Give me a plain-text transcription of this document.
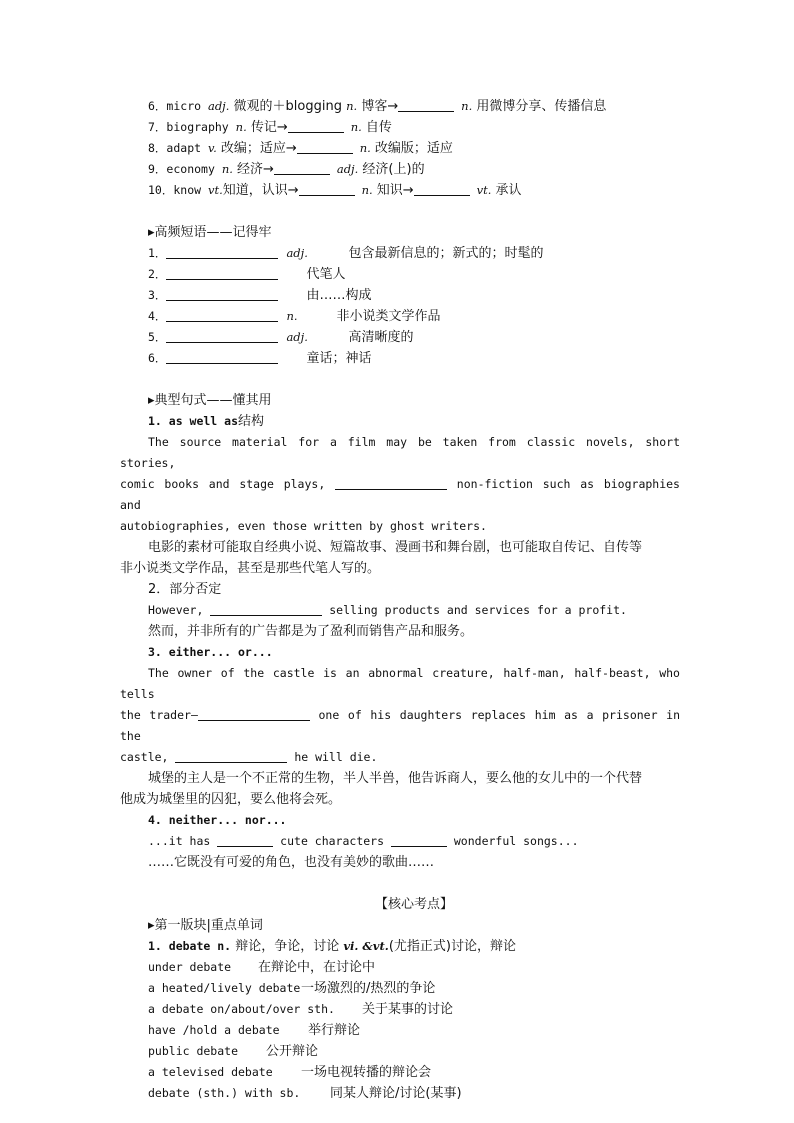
6．micro adj. 微观的＋blogging n. 博客→	n. 用微博分享、传播信息
7．biography n. 传记→	n. 自传
8．adapt v. 改编；适应→	n. 改编版；适应
9．economy n. 经济→	adj. 经济(上)的
10．know vt.知道，认识→	n. 知识→	vt. 承认
▸高频短语——记得牢
1．	adj.	包含最新信息的；新式的；时髦的
2．	代笔人
3．	由……构成
4．	n.	非小说类文学作品
5．	adj.	高清晰度的
6．	童话；神话
▸典型句式——懂其用
1. as well as结构
The source material for a film may be taken from classic novels, short stories,
comic books and stage plays,	non-fiction such as biographies and
autobiographies, even those written by ghost writers.
电影的素材可能取自经典小说、短篇故事、漫画书和舞台剧，也可能取自传记、自传等
非小说类文学作品，甚至是那些代笔人写的。
2．部分否定
However,	selling products and services for a profit.
然而，并非所有的广告都是为了盈利而销售产品和服务。
3. either... or...
The owner of the castle is an abnormal creature, half-man, half-beast, who tells
the trader—	one of his daughters replaces him as a prisoner in the
castle,	he will die.
城堡的主人是一个不正常的生物，半人半兽，他告诉商人，要么他的女儿中的一个代替
他成为城堡里的囚犯，要么他将会死。
4. neither... nor...
...it has	cute characters	wonderful songs...
……它既没有可爱的角色，也没有美妙的歌曲……
【核心考点】
▸第一版块|重点单词
1. debate n. 辩论，争论，讨论 vi. &vt.(尤指正式)讨论，辩论
under debate 在辩论中，在讨论中
a heated/lively debate一场激烈的/热烈的争论
a debate on/about/over sth. 关于某事的讨论
have /hold a debate 举行辩论
public debate 公开辩论
a televised debate 一场电视转播的辩论会
debate (sth.) with sb. 同某人辩论/讨论(某事)
